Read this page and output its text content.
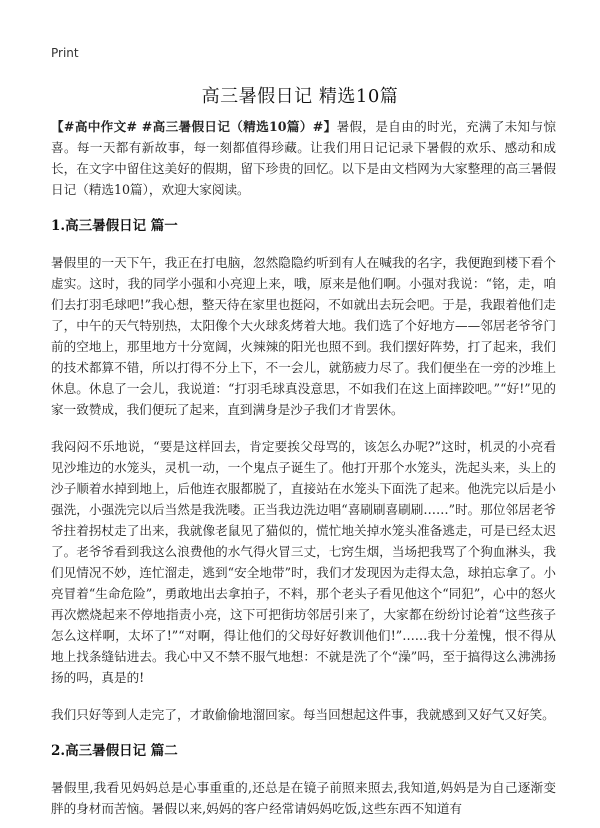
Print
高三暑假日记 精选10篇

【#高中作文# #高三暑假日记（精选10篇）#】暑假，是自由的时光，充满了未知与惊喜。每一天都有新故事，每一刻都值得珍藏。让我们用日记记录下暑假的欢乐、感动和成长，在文字中留住这美好的假期，留下珍贵的回忆。以下是由文档网为大家整理的高三暑假日记（精选10篇），欢迎大家阅读。

1.高三暑假日记 篇一

暑假里的一天下午，我正在打电脑，忽然隐隐约听到有人在喊我的名字，我便跑到楼下看个虚实。这时，我的同学小强和小亮迎上来，哦，原来是他们啊。小强对我说：“铭，走，咱们去打羽毛球吧!”我心想，整天待在家里也挺闷，不如就出去玩会吧。于是，我跟着他们走了，中午的天气特别热，太阳像个大火球炙烤着大地。我们选了个好地方——邻居老爷爷门前的空地上，那里地方十分宽阔，火辣辣的阳光也照不到。我们摆好阵势，打了起来，我们的技术都算不错，所以打得不分上下，不一会儿，就筋疲力尽了。我们便坐在一旁的沙堆上休息。休息了一会儿，我说道：“打羽毛球真没意思，不如我们在这上面摔跤吧。”“好!”见的家一致赞成，我们便玩了起来，直到满身是沙子我们才肯罢休。

我闷闷不乐地说，“要是这样回去，肯定要挨父母骂的，该怎么办呢?”这时，机灵的小亮看见沙堆边的水笼头，灵机一动，一个鬼点子诞生了。他打开那个水笼头，洗起头来，头上的沙子顺着水掉到地上，后他连衣服都脱了，直接站在水笼头下面洗了起来。他洗完以后是小强洗，小强洗完以后当然是我洗喽。正当我边洗边唱“喜刷刷喜刷刷……”时。那位邻居老爷爷拄着拐杖走了出来，我就像老鼠见了猫似的，慌忙地关掉水笼头准备逃走，可是已经太迟了。老爷爷看到我这么浪费他的水气得火冒三丈，七窍生烟，当场把我骂了个狗血淋头，我们见情况不妙，连忙溜走，逃到“安全地带”时，我们才发现因为走得太急，球拍忘拿了。小亮冒着“生命危险”，勇敢地出去拿拍子，不料，那个老头子看见他这个“同犯”，心中的怒火再次燃烧起来不停地指责小亮，这下可把街坊邻居引来了，大家都在纷纷讨论着“这些孩子怎么这样啊，太坏了!”“对啊，得让他们的父母好好教训他们!”……我十分羞愧，恨不得从地上找条缝钻进去。我心中又不禁不服气地想：不就是洗了个“澡”吗，至于搞得这么沸沸扬扬的吗，真是的!

我们只好等到人走完了，才敢偷偷地溜回家。每当回想起这件事，我就感到又好气又好笑。

2.高三暑假日记 篇二

暑假里,我看见妈妈总是心事重重的,还总是在镜子前照来照去,我知道,妈妈是为自己逐渐变胖的身材而苦恼。暑假以来,妈妈的客户经常请妈妈吃饭,这些东西不知道有
